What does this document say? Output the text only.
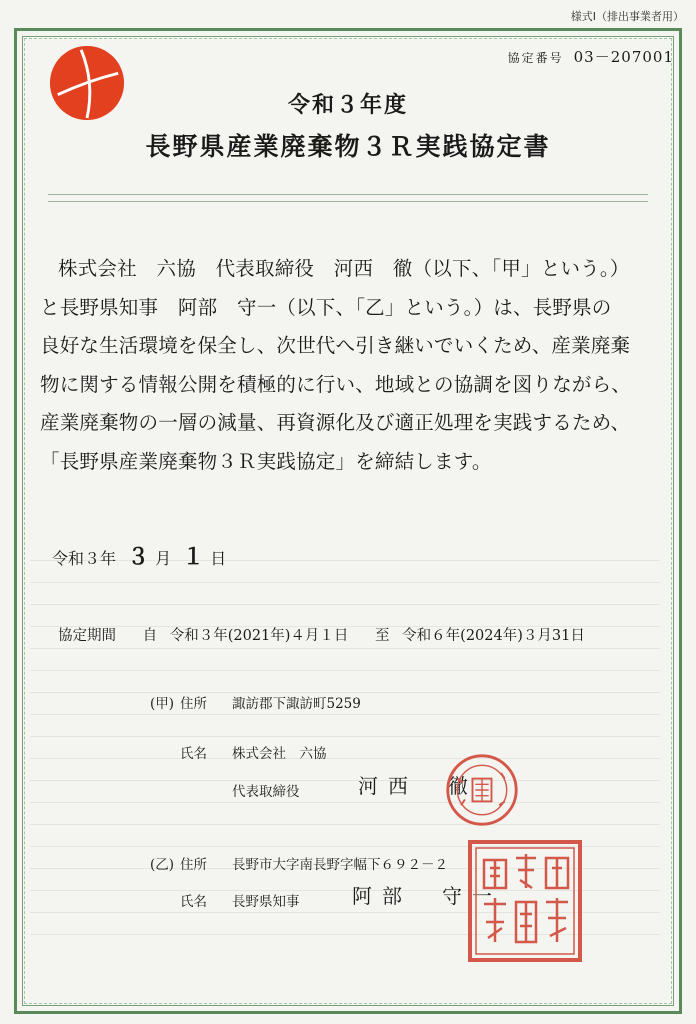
様式Ⅰ（排出事業者用）
協定番号 03－207001
令和３年度
長野県産業廃棄物３Ｒ実践協定書

株式会社　六協　代表取締役　河西　徹（以下、「甲」という。）

と長野県知事　阿部　守一（以下、「乙」という。）は、長野県の

良好な生活環境を保全し、次世代へ引き継いでいくため、産業廃棄

物に関する情報公開を積極的に行い、地域との協調を図りながら、

産業廃棄物の一層の減量、再資源化及び適正処理を実践するため、

「長野県産業廃棄物３Ｒ実践協定」を締結します。

令和３年 ３ 月 １ 日
協定期間 自 令和３年(2021年)４月１日 至 令和６年(2024年)３月31日
(甲) 住所 諏訪郡下諏訪町5259
氏名 株式会社　六協
代表取締役	河西　徹
(乙) 住所 長野市大字南長野字幅下６９２－２
氏名 長野県知事	阿部　守一
